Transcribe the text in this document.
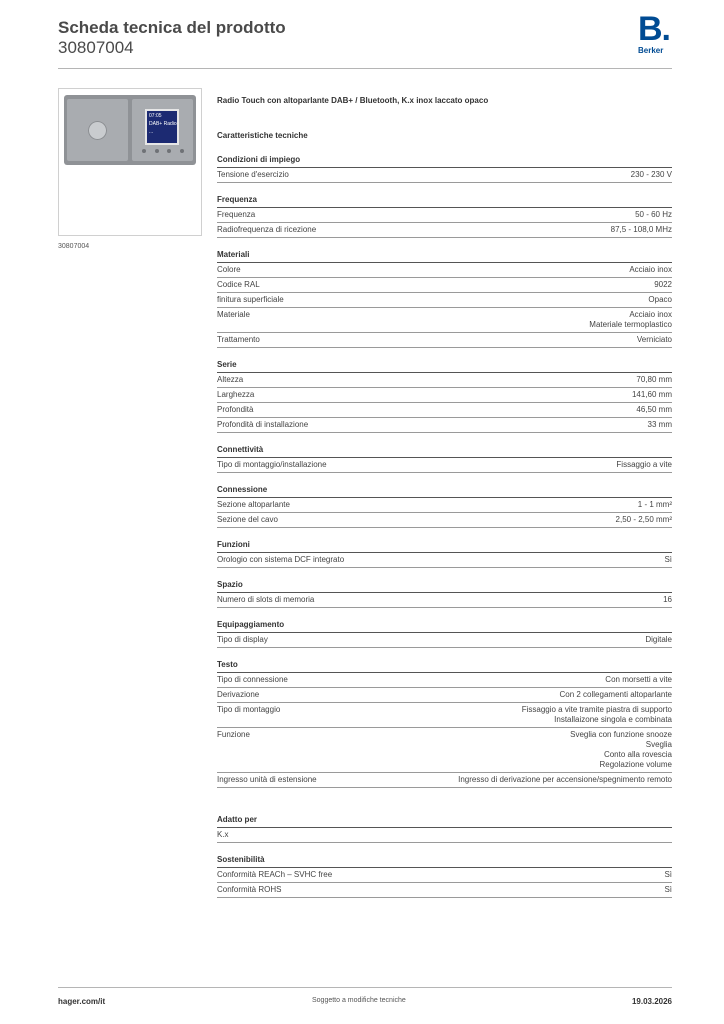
Scheda tecnica del prodotto
30807004	B.
Berker
07:05
DAB+ Radio
...
30807004
Radio Touch con altoparlante DAB+ / Bluetooth, K.x inox laccato opaco
Caratteristiche tecniche
Condizioni di impiego
Tensione d'esercizio	230 - 230 V
Frequenza
Frequenza	50 - 60 Hz
Radiofrequenza di ricezione	87,5 - 108,0 MHz
Materiali
Colore	Acciaio inox
Codice RAL	9022
finitura superficiale	Opaco
Materiale	Acciaio inox
Materiale termoplastico
Trattamento	Verniciato
Serie
Altezza	70,80 mm
Larghezza	141,60 mm
Profondità	46,50 mm
Profondità di installazione	33 mm
Connettività
Tipo di montaggio/installazione	Fissaggio a vite
Connessione
Sezione altoparlante	1 - 1 mm²
Sezione del cavo	2,50 - 2,50 mm²
Funzioni
Orologio con sistema DCF integrato	Sì
Spazio
Numero di slots di memoria	16
Equipaggiamento
Tipo di display	Digitale
Testo
Tipo di connessione	Con morsetti a vite
Derivazione	Con 2 collegamenti altoparlante
Tipo di montaggio	Fissaggio a vite tramite piastra di supporto
Installaizone singola e combinata
Funzione	Sveglia con funzione snooze
Sveglia
Conto alla rovescia
Regolazione volume
Ingresso unità di estensione	Ingresso di derivazione per accensione/spegnimento remoto
Adatto per
K.x

Sostenibilità
Conformità REACh – SVHC free	Sì
Conformità ROHS	Sì
hager.com/it	Soggetto a modifiche tecniche	19.03.2026
